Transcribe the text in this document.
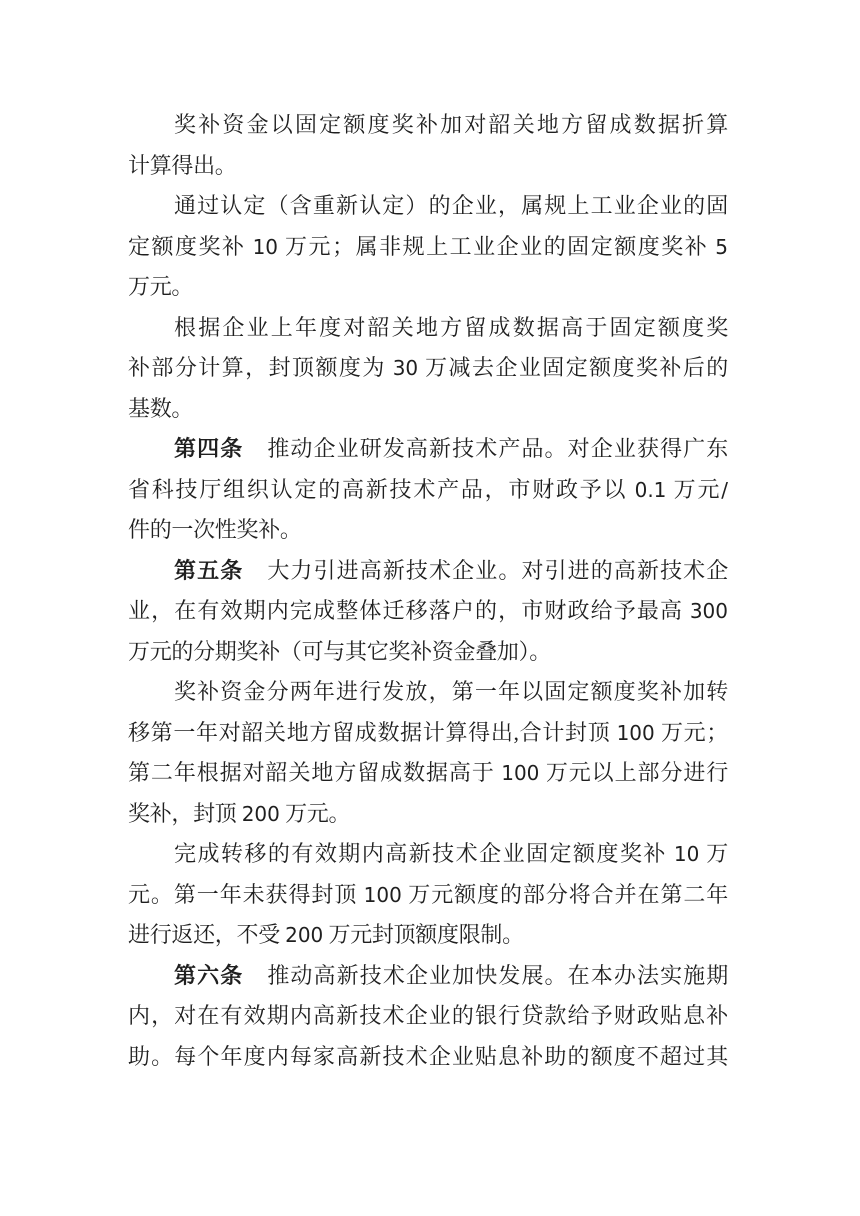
奖补资金以固定额度奖补加对韶关地方留成数据折算
计算得出。
通过认定（含重新认定）的企业，属规上工业企业的固
定额度奖补 10 万元；属非规上工业企业的固定额度奖补 5
万元。
根据企业上年度对韶关地方留成数据高于固定额度奖
补部分计算，封顶额度为 30 万减去企业固定额度奖补后的
基数。
第四条 推动企业研发高新技术产品。对企业获得广东
省科技厅组织认定的高新技术产品，市财政予以 0.1 万元/
件的一次性奖补。
第五条 大力引进高新技术企业。对引进的高新技术企
业，在有效期内完成整体迁移落户的，市财政给予最高 300
万元的分期奖补（可与其它奖补资金叠加）。
奖补资金分两年进行发放，第一年以固定额度奖补加转
移第一年对韶关地方留成数据计算得出,合计封顶 100 万元；
第二年根据对韶关地方留成数据高于 100 万元以上部分进行
奖补，封顶 200 万元。
完成转移的有效期内高新技术企业固定额度奖补 10 万
元。第一年未获得封顶 100 万元额度的部分将合并在第二年
进行返还，不受 200 万元封顶额度限制。
第六条 推动高新技术企业加快发展。在本办法实施期
内，对在有效期内高新技术企业的银行贷款给予财政贴息补
助。每个年度内每家高新技术企业贴息补助的额度不超过其
